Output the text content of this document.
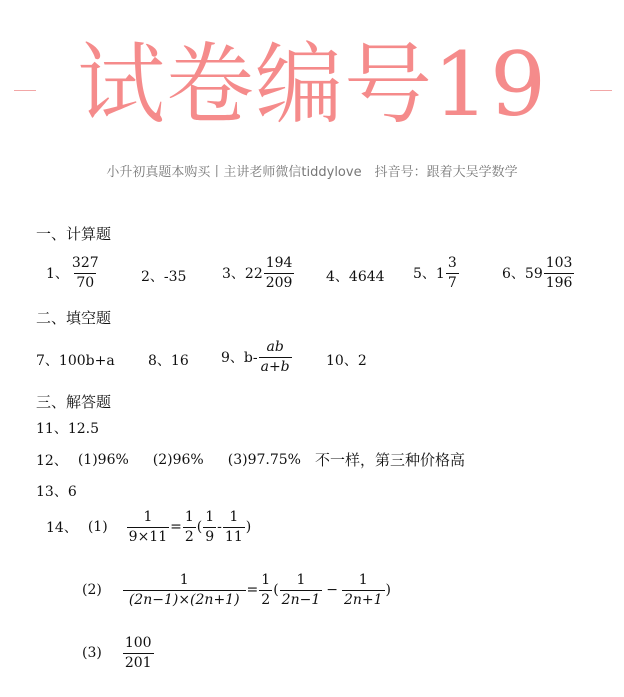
试卷编号19
小升初真题本购买丨主讲老师微信tiddylove　抖音号：跟着大吴学数学
一、计算题
1、 $\frac{327}{70}$	2、-35	3、$22 \frac{194}{209} 4$、4644 5、$1 \frac{3}{7}$	6、$59 \frac{103}{196}$
二、填空题
7、100b+a 8、16 9、$b- \frac{ab}{a+b} 10$、2
三、解答题
11、12.5
12、 (1)96% (2)96% (3)97.75% 不一样，第三种价格高
13、6
14、 $(1) \frac{1}{9\times 11} = \frac{1}{2}$ ( $\frac{1}{9} - \frac{1}{11}$ )
$(2) \frac{1}{(2n-1)\times(2n+1)} = \frac{1}{2}$ ( $\frac{1}{2n-1} - \frac{1}{2n+1}$ )
$(3) \frac{100}{201}$
